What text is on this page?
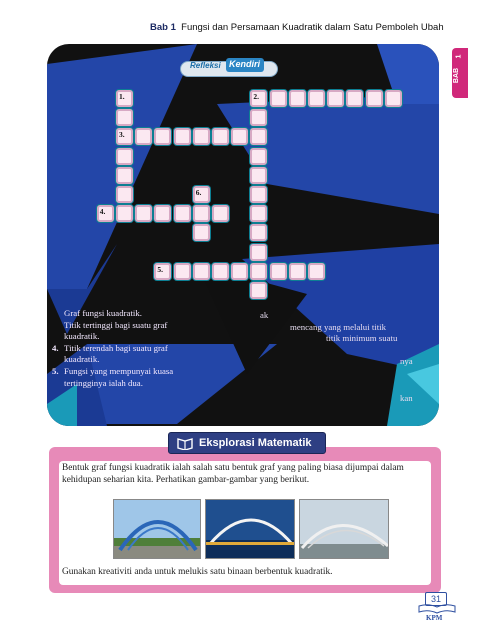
Bab 1 Fungsi dan Persamaan Kuadratik dalam Satu Pemboleh Ubah
BAB
1
1.	2.
3.
4.
5.
6.
Refleksi Kendiri
Graf fungsi kuadratik.
Titik tertinggi bagi suatu graf
kuadratik.
4. Titik terendah bagi suatu graf
kuadratik.
5. Fungsi yang mempunyai kuasa
tertingginya ialah dua.
ak
mencang yang melalui titik
titik minimum suatu
nya
kan
Eksplorasi Matematik
Bentuk graf fungsi kuadratik ialah salah satu bentuk graf yang paling biasa dijumpai dalam
kehidupan seharian kita. Perhatikan gambar-gambar yang berikut.
Gunakan kreativiti anda untuk melukis satu binaan berbentuk kuadratik.
31
KPM
